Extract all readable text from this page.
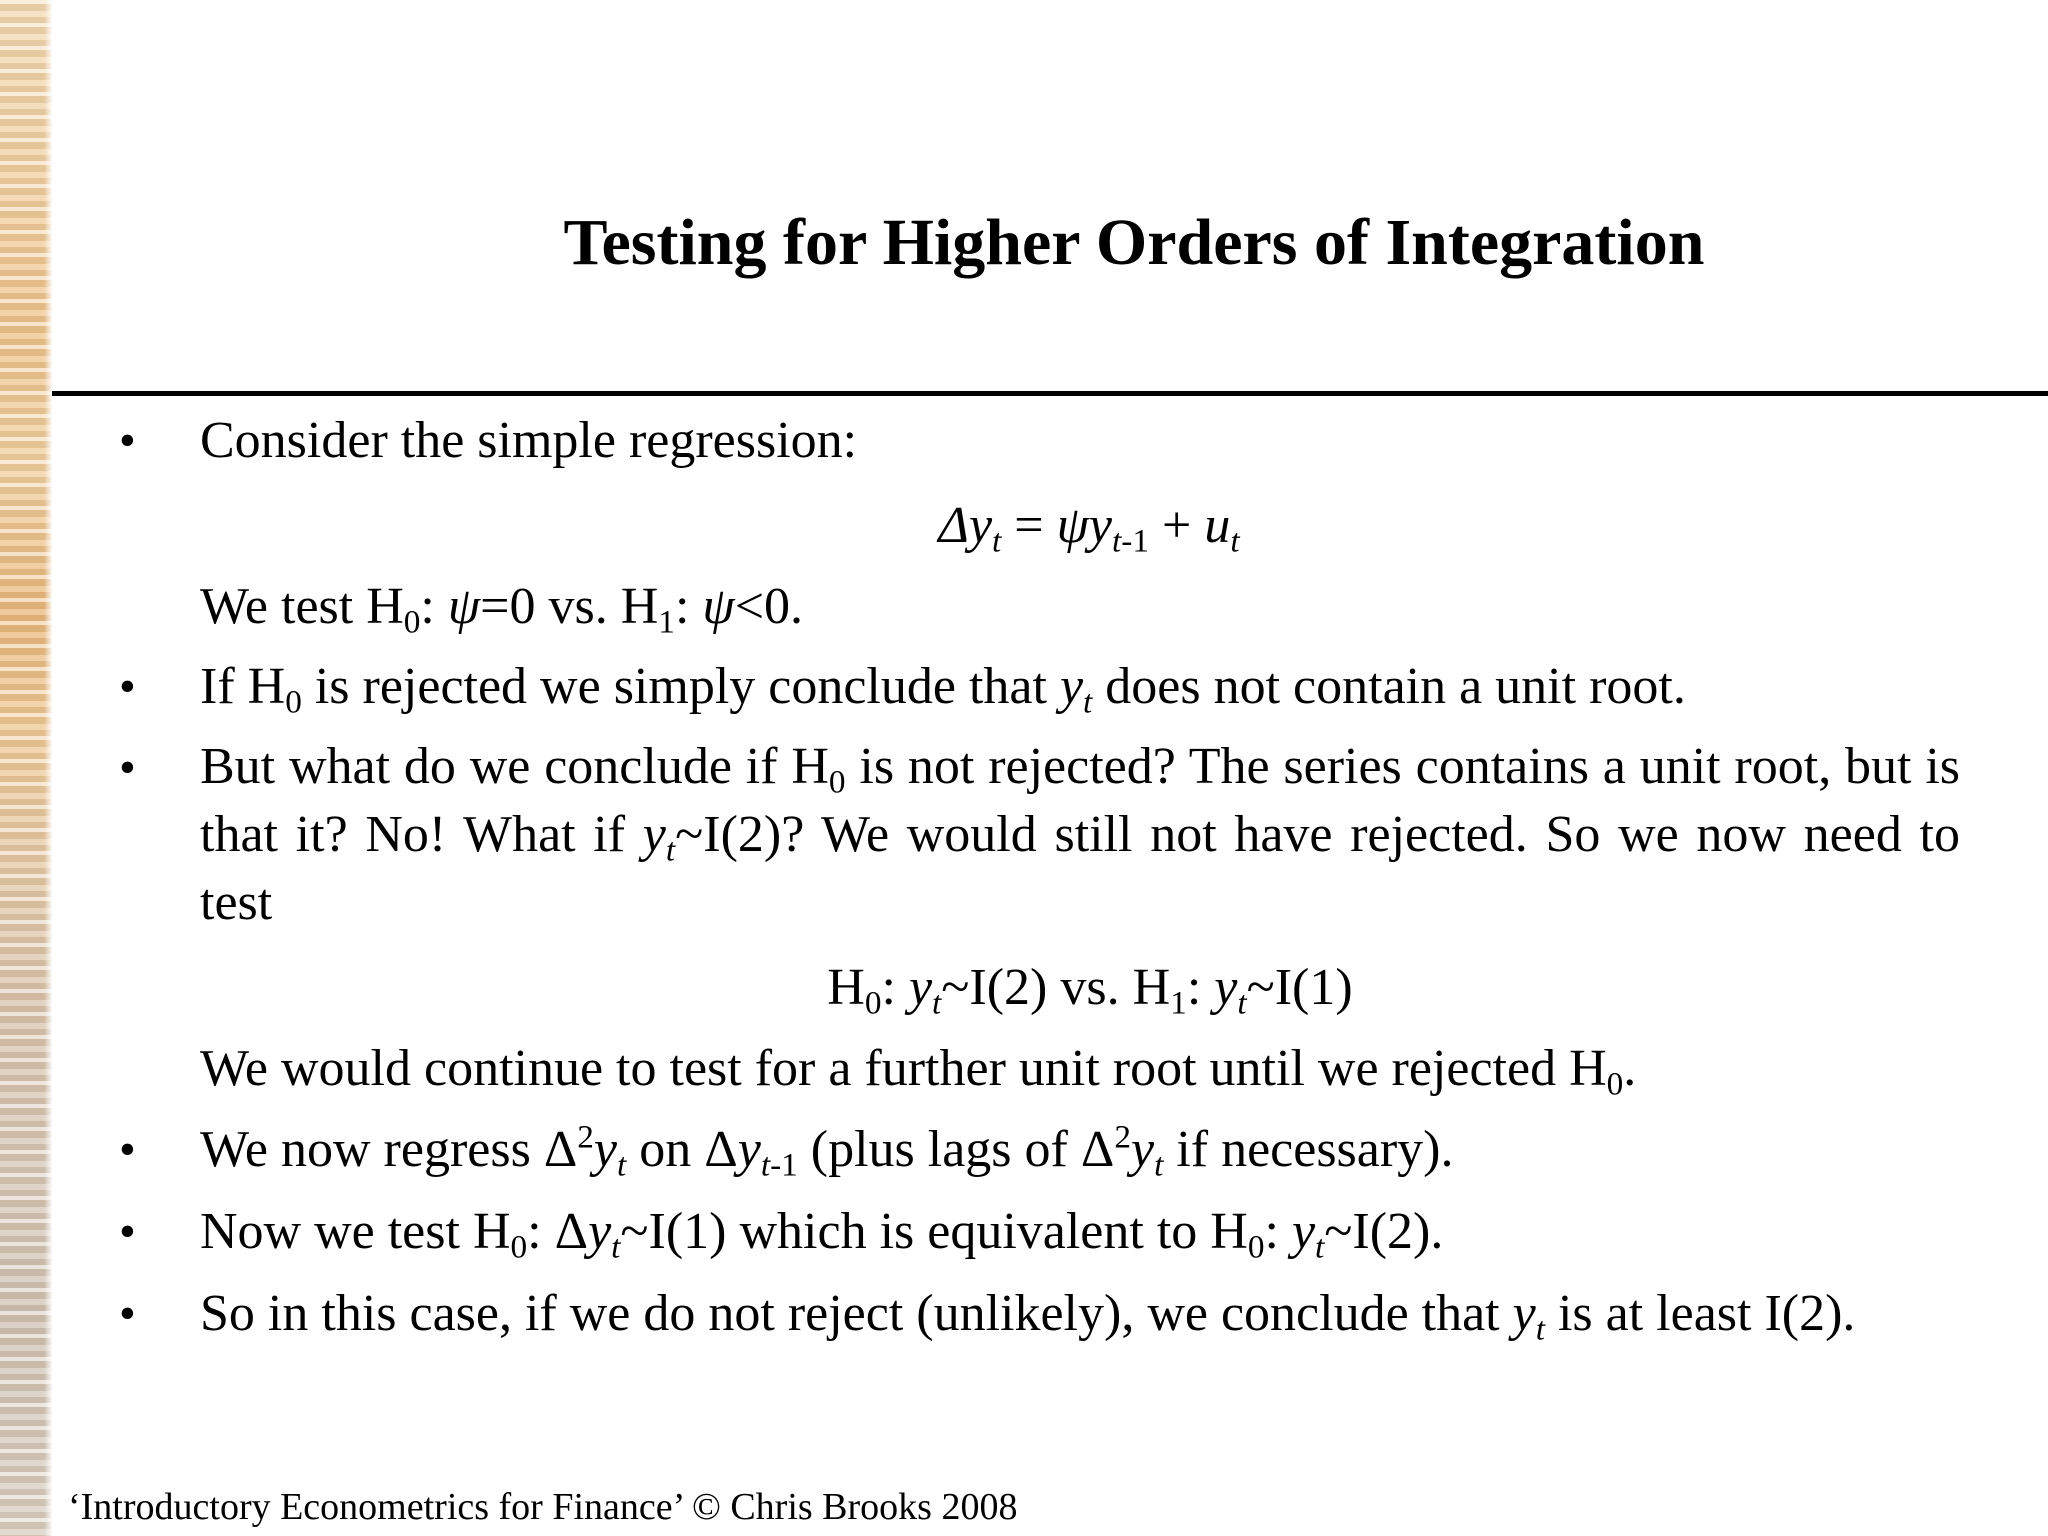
Testing for Higher Orders of Integration
• Consider the simple regression:
$\Delta y_t = \psi y_{t-1} + u_t$
We test $H_0$: ψ=0 vs. $H_1$: ψ<0.
• If $H_0$ is rejected we simply conclude that $y_t$ does not contain a unit root.
• But what do we conclude if $H_0$ is not rejected? The series contains a unit root, but is that it? No! What if $y_t\sim I(2)$? We would still not have rejected. So we now need to test
$H_0$: $y_t\sim I(2)$ vs. $H_1$: $y_t\sim I(1)$
We would continue to test for a further unit root until we rejected $H_0$.
• We now regress $\Delta^2y_t$ on $\Delta y_{t-1}$ (plus lags of $\Delta^2y_t$ if necessary).
• Now we test $H_0$: $\Delta y_t\sim I(1)$ which is equivalent to $H_0$: $y_t\sim I(2)$.
• So in this case, if we do not reject (unlikely), we conclude that $y_t$ is at least I(2).
‘Introductory Econometrics for Finance’ © Chris Brooks 2008
